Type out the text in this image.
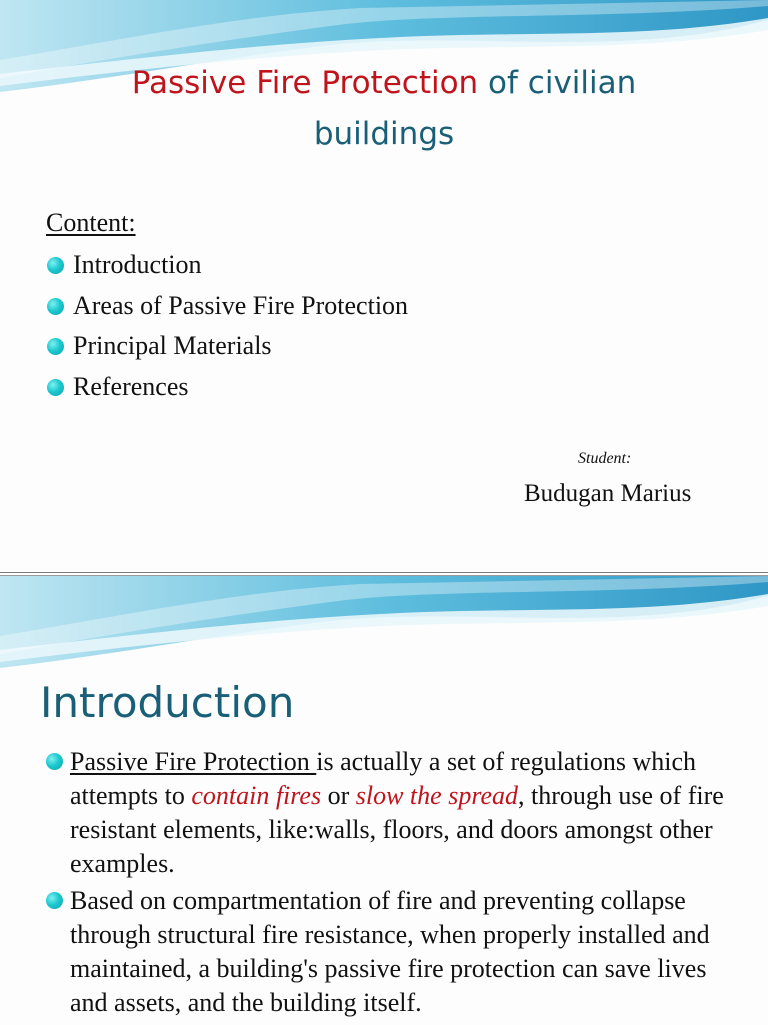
Passive Fire Protection of civilian
buildings
Content:
Introduction
Areas of Passive Fire Protection
Principal Materials
References
Student:
Budugan Marius
Introduction

Passive Fire Protection is actually a set of regulations which attempts to contain fires or slow the spread, through use of fire resistant elements, like:walls, floors, and doors amongst other examples.

Based on compartmentation of fire and preventing collapse through structural fire resistance, when properly installed and maintained, a building's passive fire protection can save lives and assets, and the building itself.
